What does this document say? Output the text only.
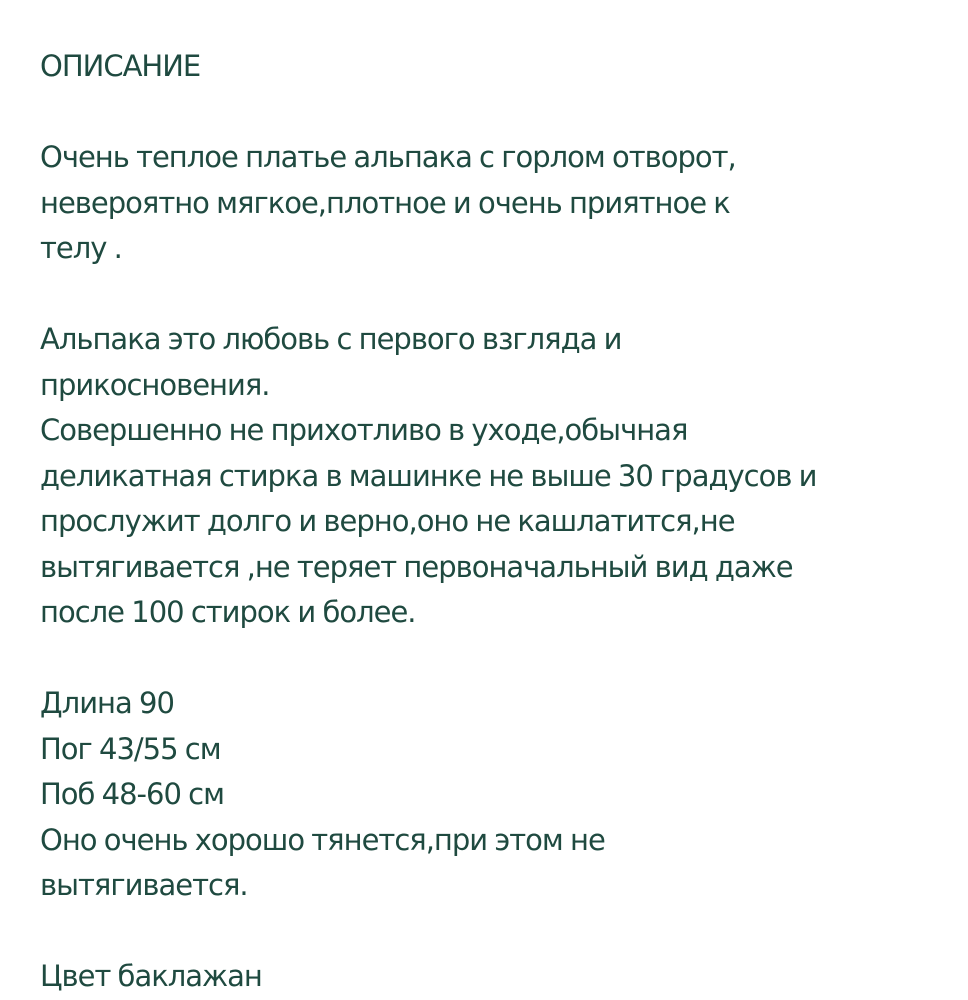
ОПИСАНИЕ
Очень теплое платье альпака с горлом отворот,
невероятно мягкое,плотное и очень приятное к
телу .
Альпака это любовь с первого взгляда и
прикосновения.
Совершенно не прихотливо в уходе,обычная
деликатная стирка в машинке не выше 30 градусов и
прослужит долго и верно,оно не кашлатится,не
вытягивается ,не теряет первоначальный вид даже
после 100 стирок и более.
Длина 90
Пог 43/55 см
Поб 48-60 см
Оно очень хорошо тянется,при этом не
вытягивается.
Цвет баклажан
